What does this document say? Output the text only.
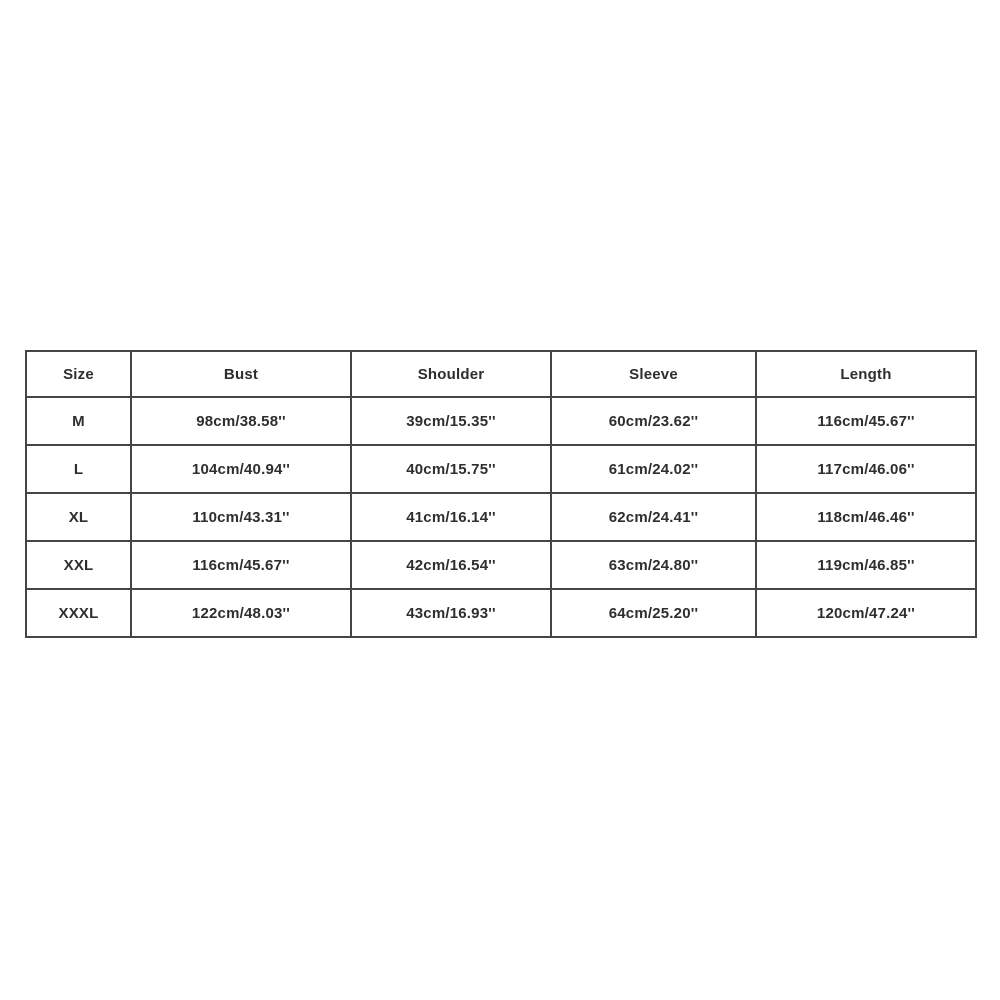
Size	Bust	Shoulder	Sleeve	Length
M	98cm/38.58''	39cm/15.35''	60cm/23.62''	116cm/45.67''
L	104cm/40.94''	40cm/15.75''	61cm/24.02''	117cm/46.06''
XL	110cm/43.31''	41cm/16.14''	62cm/24.41''	118cm/46.46''
XXL	116cm/45.67''	42cm/16.54''	63cm/24.80''	119cm/46.85''
XXXL	122cm/48.03''	43cm/16.93''	64cm/25.20''	120cm/47.24''
